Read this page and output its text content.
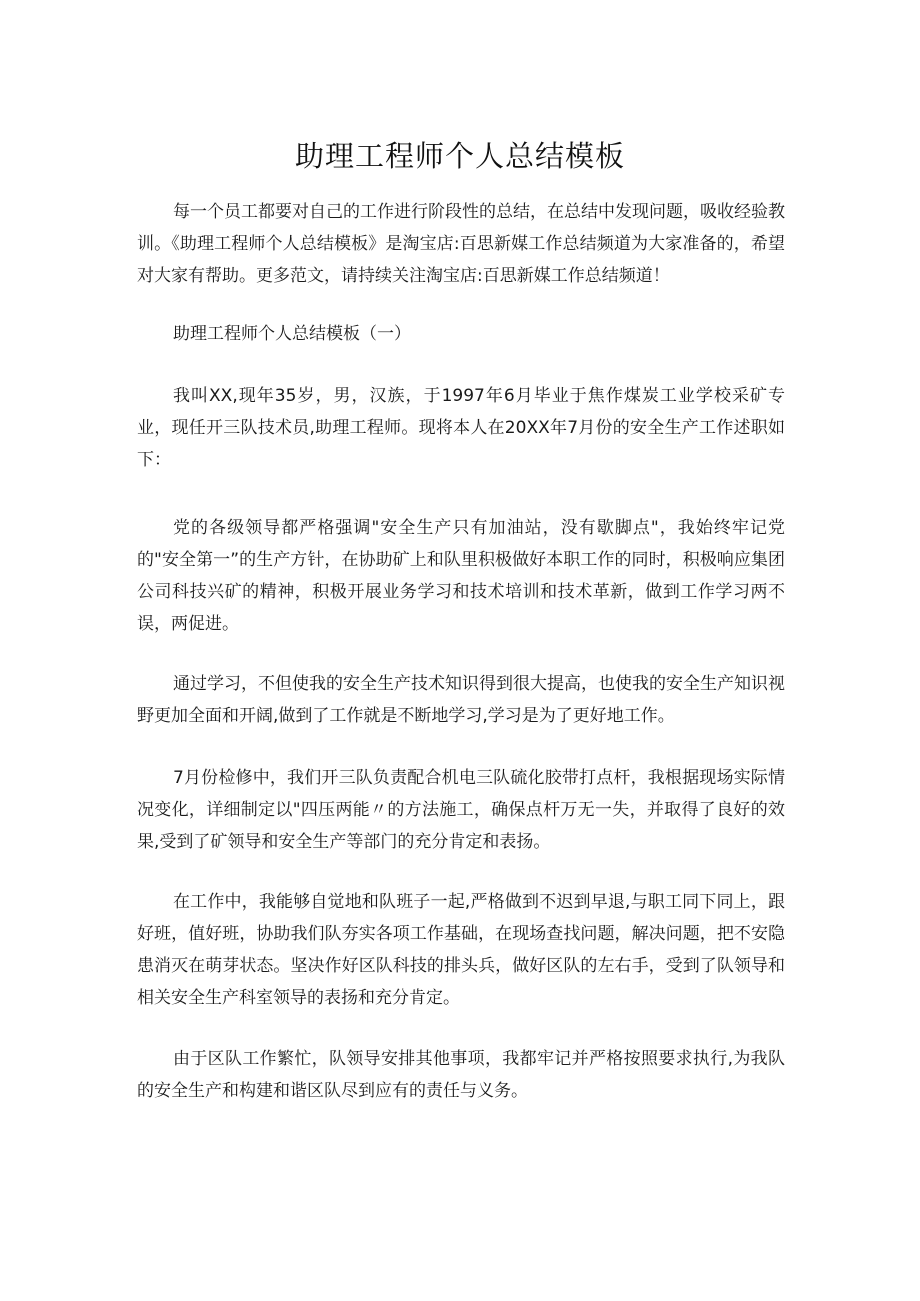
助理工程师个人总结模板

每一个员工都要对自己的工作进行阶段性的总结，在总结中发现问题，吸收经验教训。《助理工程师个人总结模板》是淘宝店:百思新媒工作总结频道为大家准备的，希望对大家有帮助。更多范文，请持续关注淘宝店:百思新媒工作总结频道！

助理工程师个人总结模板（一）

我叫XX,现年35岁，男，汉族，于1997年6月毕业于焦作煤炭工业学校采矿专业，现任开三队技术员,助理工程师。现将本人在20XX年7月份的安全生产工作述职如下：

党的各级领导都严格强调"安全生产只有加油站，没有歇脚点"，我始终牢记党的"安全第一”的生产方针，在协助矿上和队里积极做好本职工作的同时，积极响应集团公司科技兴矿的精神，积极开展业务学习和技术培训和技术革新，做到工作学习两不误，两促进。

通过学习，不但使我的安全生产技术知识得到很大提高，也使我的安全生产知识视野更加全面和开阔,做到了工作就是不断地学习,学习是为了更好地工作。

7月份检修中，我们开三队负责配合机电三队硫化胶带打点杆，我根据现场实际情况变化，详细制定以"四压两能〃的方法施工，确保点杆万无一失，并取得了良好的效果,受到了矿领导和安全生产等部门的充分肯定和表扬。

在工作中，我能够自觉地和队班子一起,严格做到不迟到早退,与职工同下同上，跟好班，值好班，协助我们队夯实各项工作基础，在现场查找问题，解决问题，把不安隐患消灭在萌芽状态。坚决作好区队科技的排头兵，做好区队的左右手，受到了队领导和相关安全生产科室领导的表扬和充分肯定。

由于区队工作繁忙，队领导安排其他事项，我都牢记并严格按照要求执行,为我队的安全生产和构建和谐区队尽到应有的责任与义务。
